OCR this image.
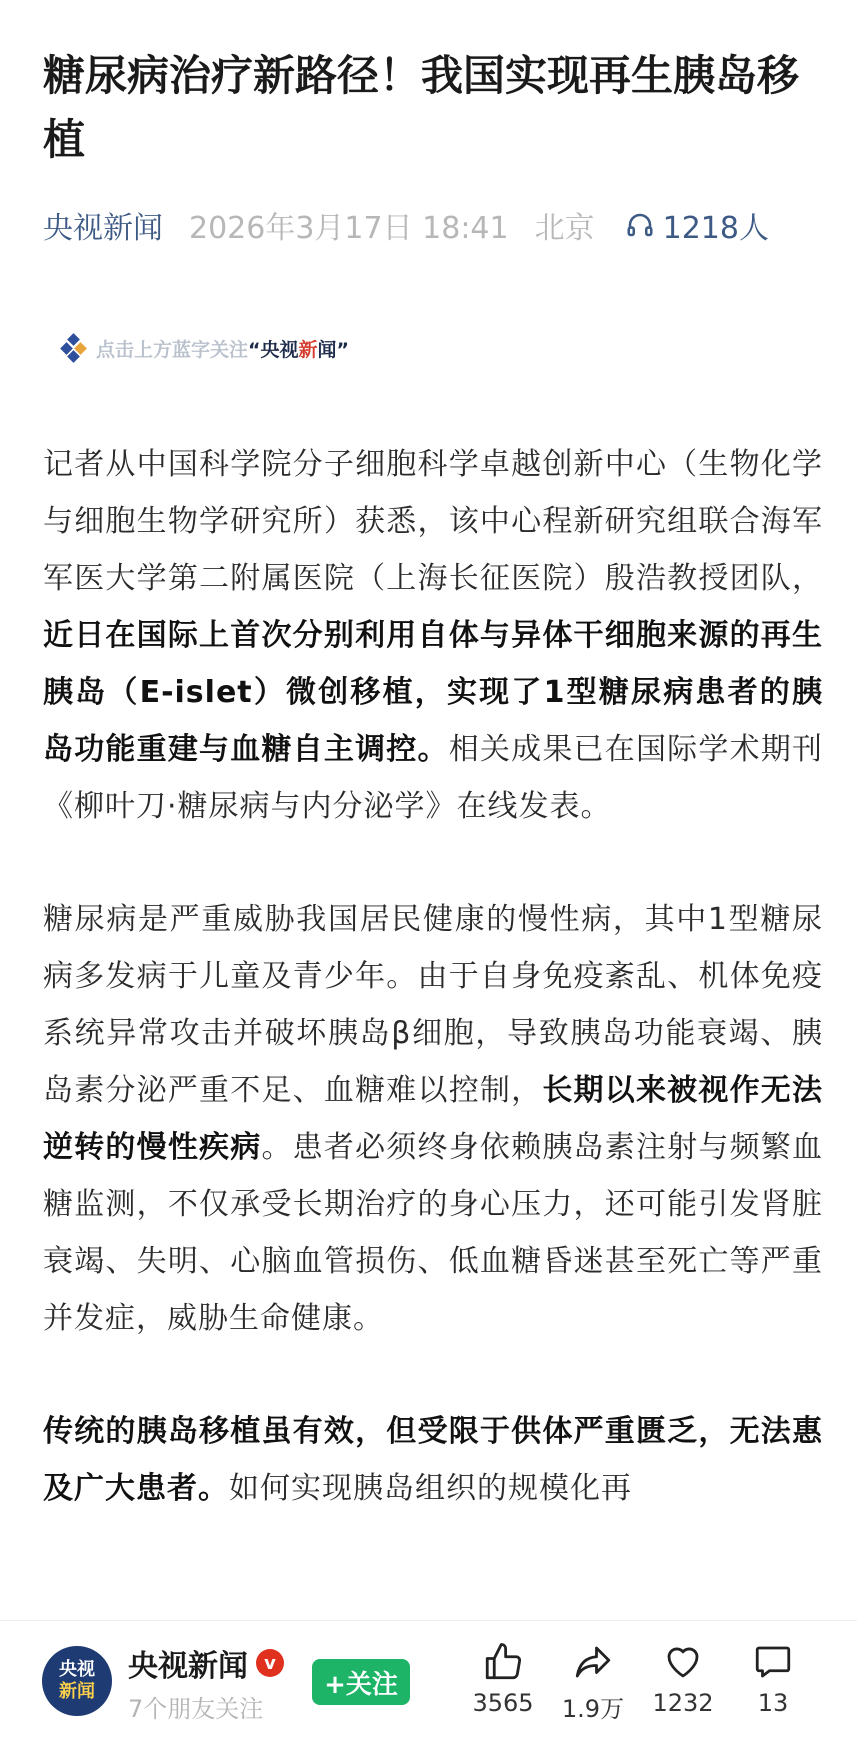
糖尿病治疗新路径！我国实现再生胰岛移植
央视新闻 2026年3月17日 18:41 北京 1218人
点击上方蓝字关注 “央视新闻”

记者从中国科学院分子细胞科学卓越创新中心（生物化学与细胞生物学研究所）获悉，该中心程新研究组联合海军军医大学第二附属医院（上海长征医院）殷浩教授团队，近日在国际上首次分别利用自体与异体干细胞来源的再生胰岛（E-islet）微创移植，实现了1型糖尿病患者的胰岛功能重建与血糖自主调控。相关成果已在国际学术期刊《柳叶刀·糖尿病与内分泌学》在线发表。

糖尿病是严重威胁我国居民健康的慢性病，其中1型糖尿病多发病于儿童及青少年。由于自身免疫紊乱、机体免疫系统异常攻击并破坏胰岛β细胞，导致胰岛功能衰竭、胰岛素分泌严重不足、血糖难以控制，长期以来被视作无法逆转的慢性疾病。患者必须终身依赖胰岛素注射与频繁血糖监测，不仅承受长期治疗的身心压力，还可能引发肾脏衰竭、失明、心脑血管损伤、低血糖昏迷甚至死亡等严重并发症，威胁生命健康。

传统的胰岛移植虽有效，但受限于供体严重匮乏，无法惠及广大患者。如何实现胰岛组织的规模化再

央视
新闻
央视新闻 v
7个朋友关注
+关注
3565 1.9万 1232 13
